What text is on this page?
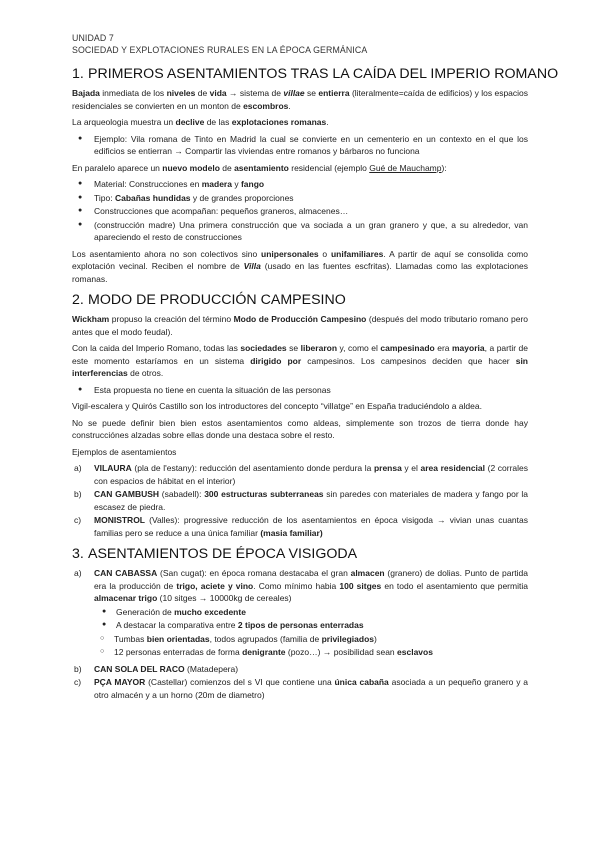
UNIDAD 7
SOCIEDAD Y EXPLOTACIONES RURALES EN LA ÉPOCA GERMÁNICA
1. PRIMEROS ASENTAMIENTOS TRAS LA CAÍDA DEL IMPERIO ROMANO

Bajada inmediata de los niveles de vida → sistema de villae se entierra (literalmente=caída de edificios) y los espacios residenciales se convierten en un monton de escombros.

La arqueologia muestra un declive de las explotaciones romanas.

● Ejemplo: Vila romana de Tinto en Madrid la cual se convierte en un cementerio en un contexto en el que los edificios se entierran → Compartir las viviendas entre romanos y bárbaros no funciona

En paralelo aparece un nuevo modelo de asentamiento residencial (ejemplo Gué de Mauchamp):

● Material: Construcciones en madera y fango
● Tipo: Cabañas hundidas y de grandes proporciones
● Construcciones que acompañan: pequeños graneros, almacenes…
● (construcción madre) Una primera construcción que va sociada a un gran granero y que, a su alrededor, van apareciendo el resto de construcciones

Los asentamiento ahora no son colectivos sino unipersonales o unifamiliares. A partir de aquí se consolida como explotación vecinal. Reciben el nombre de Villa (usado en las fuentes escfritas). Llamadas como las explotaciones romanas.

2. MODO DE PRODUCCIÓN CAMPESINO

Wickham propuso la creación del término Modo de Producción Campesino (después del modo tributario romano pero antes que el modo feudal).

Con la caida del Imperio Romano, todas las sociedades se liberaron y, como el campesinado era mayoria, a partir de este momento estaríamos en un sistema dirigido por campesinos. Los campesinos deciden que hacer sin interferencias de otros.

● Esta propuesta no tiene en cuenta la situación de las personas

Vigil-escalera y Quirós Castillo son los introductores del concepto “villatge” en España traduciéndolo a aldea.

No se puede definir bien bien estos asentamientos como aldeas, simplemente son trozos de tierra donde hay construcciónes alzadas sobre ellas donde una destaca sobre el resto.

Ejemplos de asentamientos

a) VILAURA (pla de l'estany): reducción del asentamiento donde perdura la prensa y el area residencial (2 corrales con espacios de hábitat en el interior)
b) CAN GAMBUSH (sabadell): 300 estructuras subterraneas sin paredes con materiales de madera y fango por la escasez de piedra.
c) MONISTROL (Valles): progressive reducción de los asentamientos en época visigoda → vivian unas cuantas familias pero se reduce a una única familiar (masia familiar)
3. ASENTAMIENTOS DE ÉPOCA VISIGODA
a) CAN CABASSA (San cugat): en época romana destacaba el gran almacen (granero) de dolias. Punto de partida era la producción de trigo, aciete y vino. Como mínimo habia 100 sitges en todo el asentamiento que permitia almacenar trigo (10 sitges → 10000kg de cereales)
● Generación de mucho excedente
● A destacar la comparativa entre 2 tipos de personas enterradas
○ Tumbas bien orientadas, todos agrupados (familia de privilegiados)
○ 12 personas enterradas de forma denigrante (pozo…) → posibilidad sean esclavos
b) CAN SOLA DEL RACO (Matadepera)
c) PÇA MAYOR (Castellar) comienzos del s VI que contiene una única cabaña asociada a un pequeño granero y a otro almacén y a un horno (20m de diametro)
